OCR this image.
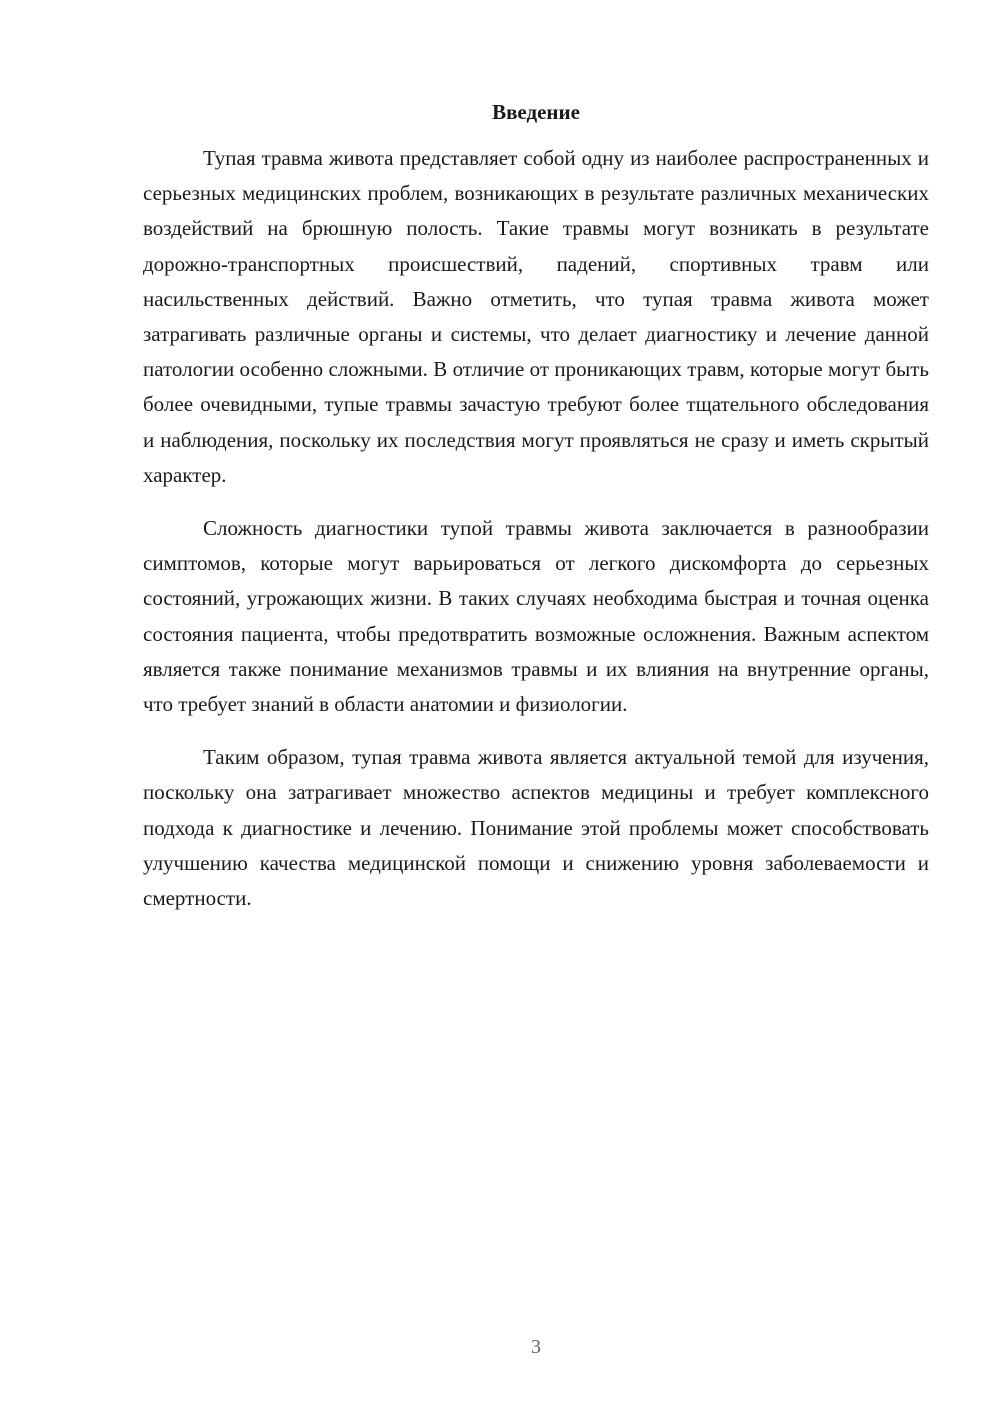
Введение

Тупая травма живота представляет собой одну из наиболее распространенных и серьезных медицинских проблем, возникающих в результате различных механических воздействий на брюшную полость. Такие травмы могут возникать в результате дорожно-транспортных происшествий, падений, спортивных травм или насильственных действий. Важно отметить, что тупая травма живота может затрагивать различные органы и системы, что делает диагностику и лечение данной патологии особенно сложными. В отличие от проникающих травм, которые могут быть более очевидными, тупые травмы зачастую требуют более тщательного обследования и наблюдения, поскольку их последствия могут проявляться не сразу и иметь скрытый характер.

Сложность диагностики тупой травмы живота заключается в разнообразии симптомов, которые могут варьироваться от легкого дискомфорта до серьезных состояний, угрожающих жизни. В таких случаях необходима быстрая и точная оценка состояния пациента, чтобы предотвратить возможные осложнения. Важным аспектом является также понимание механизмов травмы и их влияния на внутренние органы, что требует знаний в области анатомии и физиологии.

Таким образом, тупая травма живота является актуальной темой для изучения, поскольку она затрагивает множество аспектов медицины и требует комплексного подхода к диагностике и лечению. Понимание этой проблемы может способствовать улучшению качества медицинской помощи и снижению уровня заболеваемости и смертности.

3
